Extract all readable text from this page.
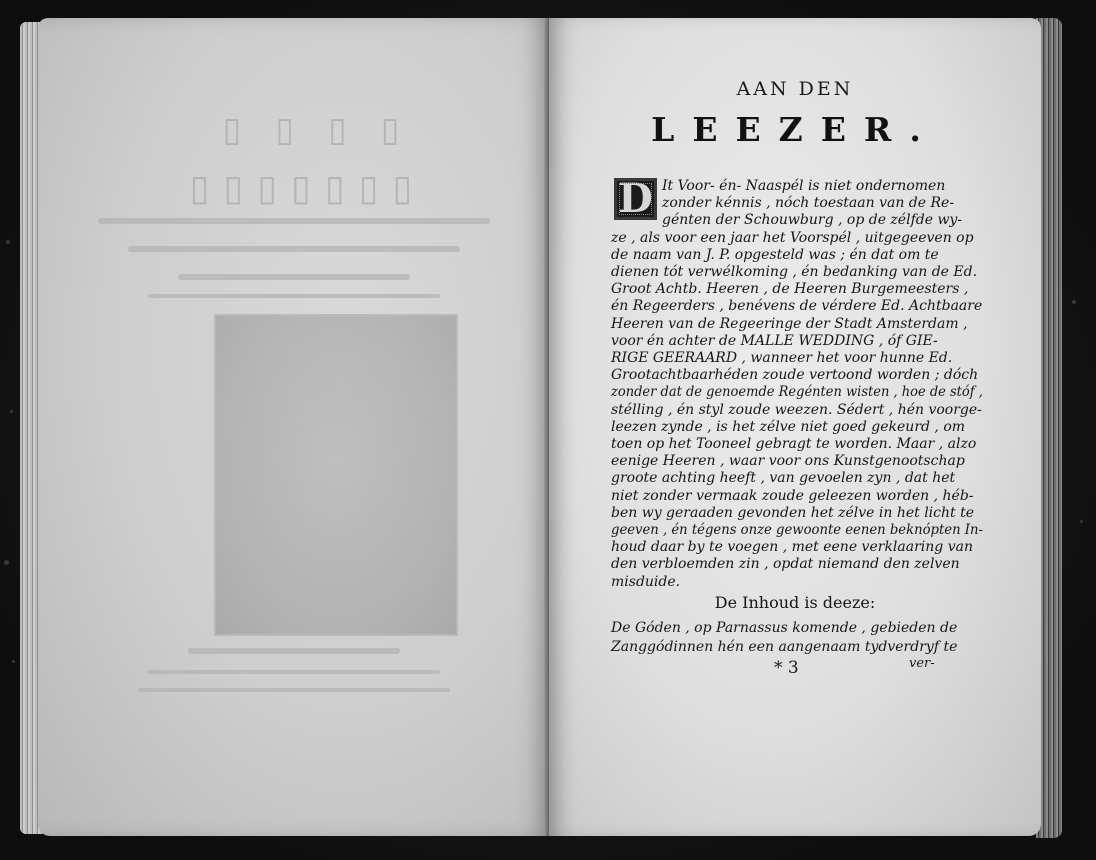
▯▯▯▯
▯▯▯▯▯▯▯
AAN DEN
LEEZER.
D It Voor- én- Naaspél is niet ondernomen
zonder kénnis , nóch toestaan van de Re-
génten der Schouwburg , op de zélfde wy-
ze , als voor een jaar het Voorspél , uitgegeeven op
de naam van J. P. opgesteld was ; én dat om te
dienen tót verwélkoming , én bedanking van de Ed.
Groot Achtb. Heeren , de Heeren Burgemeesters ,
én Regeerders , benévens de vérdere Ed. Achtbaare
Heeren van de Regeeringe der Stadt Amsterdam ,
voor én achter de MALLE WEDDING , óf GIE-
RIGE GEERAARD , wanneer het voor hunne Ed.
Grootachtbaarhéden zoude vertoond worden ; dóch
zonder dat de genoemde Regénten wisten , hoe de stóf ,
stélling , én styl zoude weezen. Sédert , hén voorge-
leezen zynde , is het zélve niet goed gekeurd , om
toen op het Tooneel gebragt te worden. Maar , alzo
eenige Heeren , waar voor ons Kunstgenootschap
groote achting heeft , van gevoelen zyn , dat het
niet zonder vermaak zoude geleezen worden , héb-
ben wy geraaden gevonden het zélve in het licht te
geeven , én tégens onze gewoonte eenen beknópten In-
De Inhoud is deeze:
De Góden , op Parnassus komende , gebieden de
Zanggódinnen hén een aangenaam tydverdryf te
* 3	ver-
houd daar by te voegen , met eene verklaaring van
den verbloemden zin , opdat niemand den zelven
misduide.
